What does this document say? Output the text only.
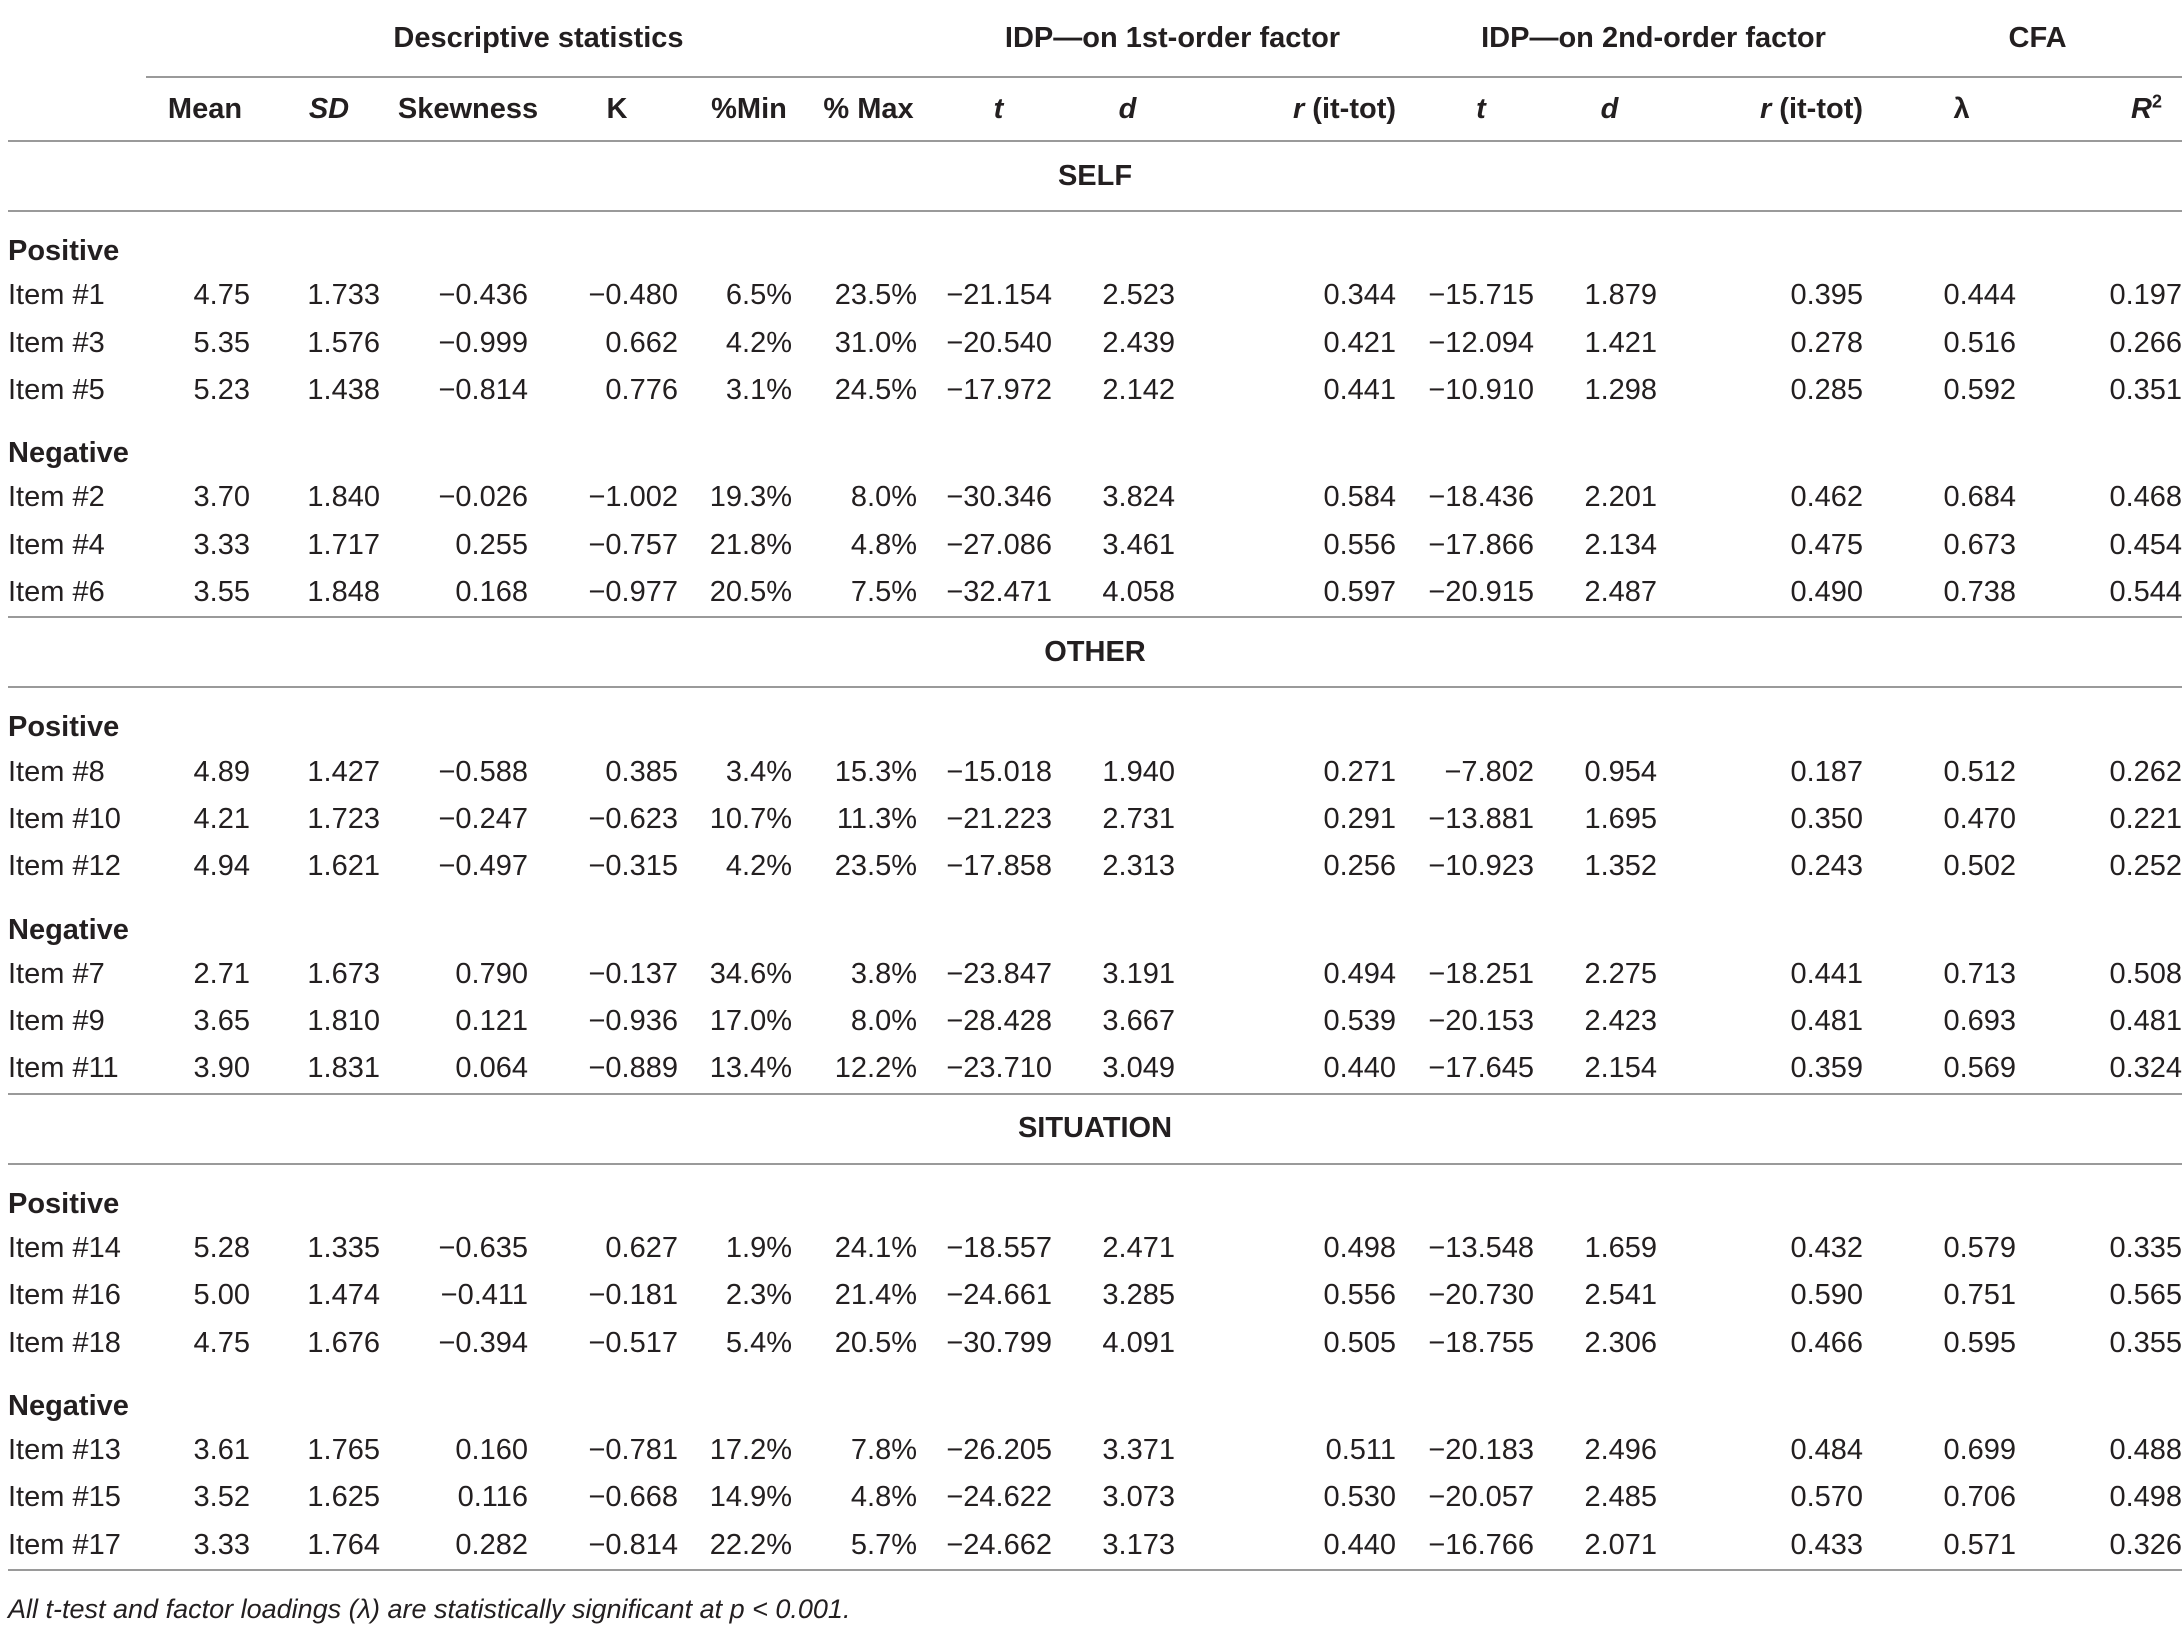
	Descriptive statistics						IDP—on 1st-order factor			IDP—on 2nd-order factor			CFA	
	Mean	SD	Skewness	K	%Min	% Max	t	d	r (it-tot)	t	d	r (it-tot)	λ	$R^2$
SELF														
Positive														
Item #1	4.75	1.733	−0.436	−0.480	6.5%	23.5%	−21.154	2.523	0.344	−15.715	1.879	0.395	0.444	0.197
Item #3	5.35	1.576	−0.999	0.662	4.2%	31.0%	−20.540	2.439	0.421	−12.094	1.421	0.278	0.516	0.266
Item #5	5.23	1.438	−0.814	0.776	3.1%	24.5%	−17.972	2.142	0.441	−10.910	1.298	0.285	0.592	0.351
Negative														
Item #2	3.70	1.840	−0.026	−1.002	19.3%	8.0%	−30.346	3.824	0.584	−18.436	2.201	0.462	0.684	0.468
Item #4	3.33	1.717	0.255	−0.757	21.8%	4.8%	−27.086	3.461	0.556	−17.866	2.134	0.475	0.673	0.454
Item #6	3.55	1.848	0.168	−0.977	20.5%	7.5%	−32.471	4.058	0.597	−20.915	2.487	0.490	0.738	0.544
OTHER														
Positive														
Item #8	4.89	1.427	−0.588	0.385	3.4%	15.3%	−15.018	1.940	0.271	−7.802	0.954	0.187	0.512	0.262
Item #10	4.21	1.723	−0.247	−0.623	10.7%	11.3%	−21.223	2.731	0.291	−13.881	1.695	0.350	0.470	0.221
Item #12	4.94	1.621	−0.497	−0.315	4.2%	23.5%	−17.858	2.313	0.256	−10.923	1.352	0.243	0.502	0.252
Negative														
Item #7	2.71	1.673	0.790	−0.137	34.6%	3.8%	−23.847	3.191	0.494	−18.251	2.275	0.441	0.713	0.508
Item #9	3.65	1.810	0.121	−0.936	17.0%	8.0%	−28.428	3.667	0.539	−20.153	2.423	0.481	0.693	0.481
Item #11	3.90	1.831	0.064	−0.889	13.4%	12.2%	−23.710	3.049	0.440	−17.645	2.154	0.359	0.569	0.324
SITUATION														
Positive														
Item #14	5.28	1.335	−0.635	0.627	1.9%	24.1%	−18.557	2.471	0.498	−13.548	1.659	0.432	0.579	0.335
Item #16	5.00	1.474	−0.411	−0.181	2.3%	21.4%	−24.661	3.285	0.556	−20.730	2.541	0.590	0.751	0.565
Item #18	4.75	1.676	−0.394	−0.517	5.4%	20.5%	−30.799	4.091	0.505	−18.755	2.306	0.466	0.595	0.355
Negative														
Item #13	3.61	1.765	0.160	−0.781	17.2%	7.8%	−26.205	3.371	0.511	−20.183	2.496	0.484	0.699	0.488
Item #15	3.52	1.625	0.116	−0.668	14.9%	4.8%	−24.622	3.073	0.530	−20.057	2.485	0.570	0.706	0.498
Item #17	3.33	1.764	0.282	−0.814	22.2%	5.7%	−24.662	3.173	0.440	−16.766	2.071	0.433	0.571	0.326
All t-test and factor loadings (λ) are statistically significant at p < 0.001.
